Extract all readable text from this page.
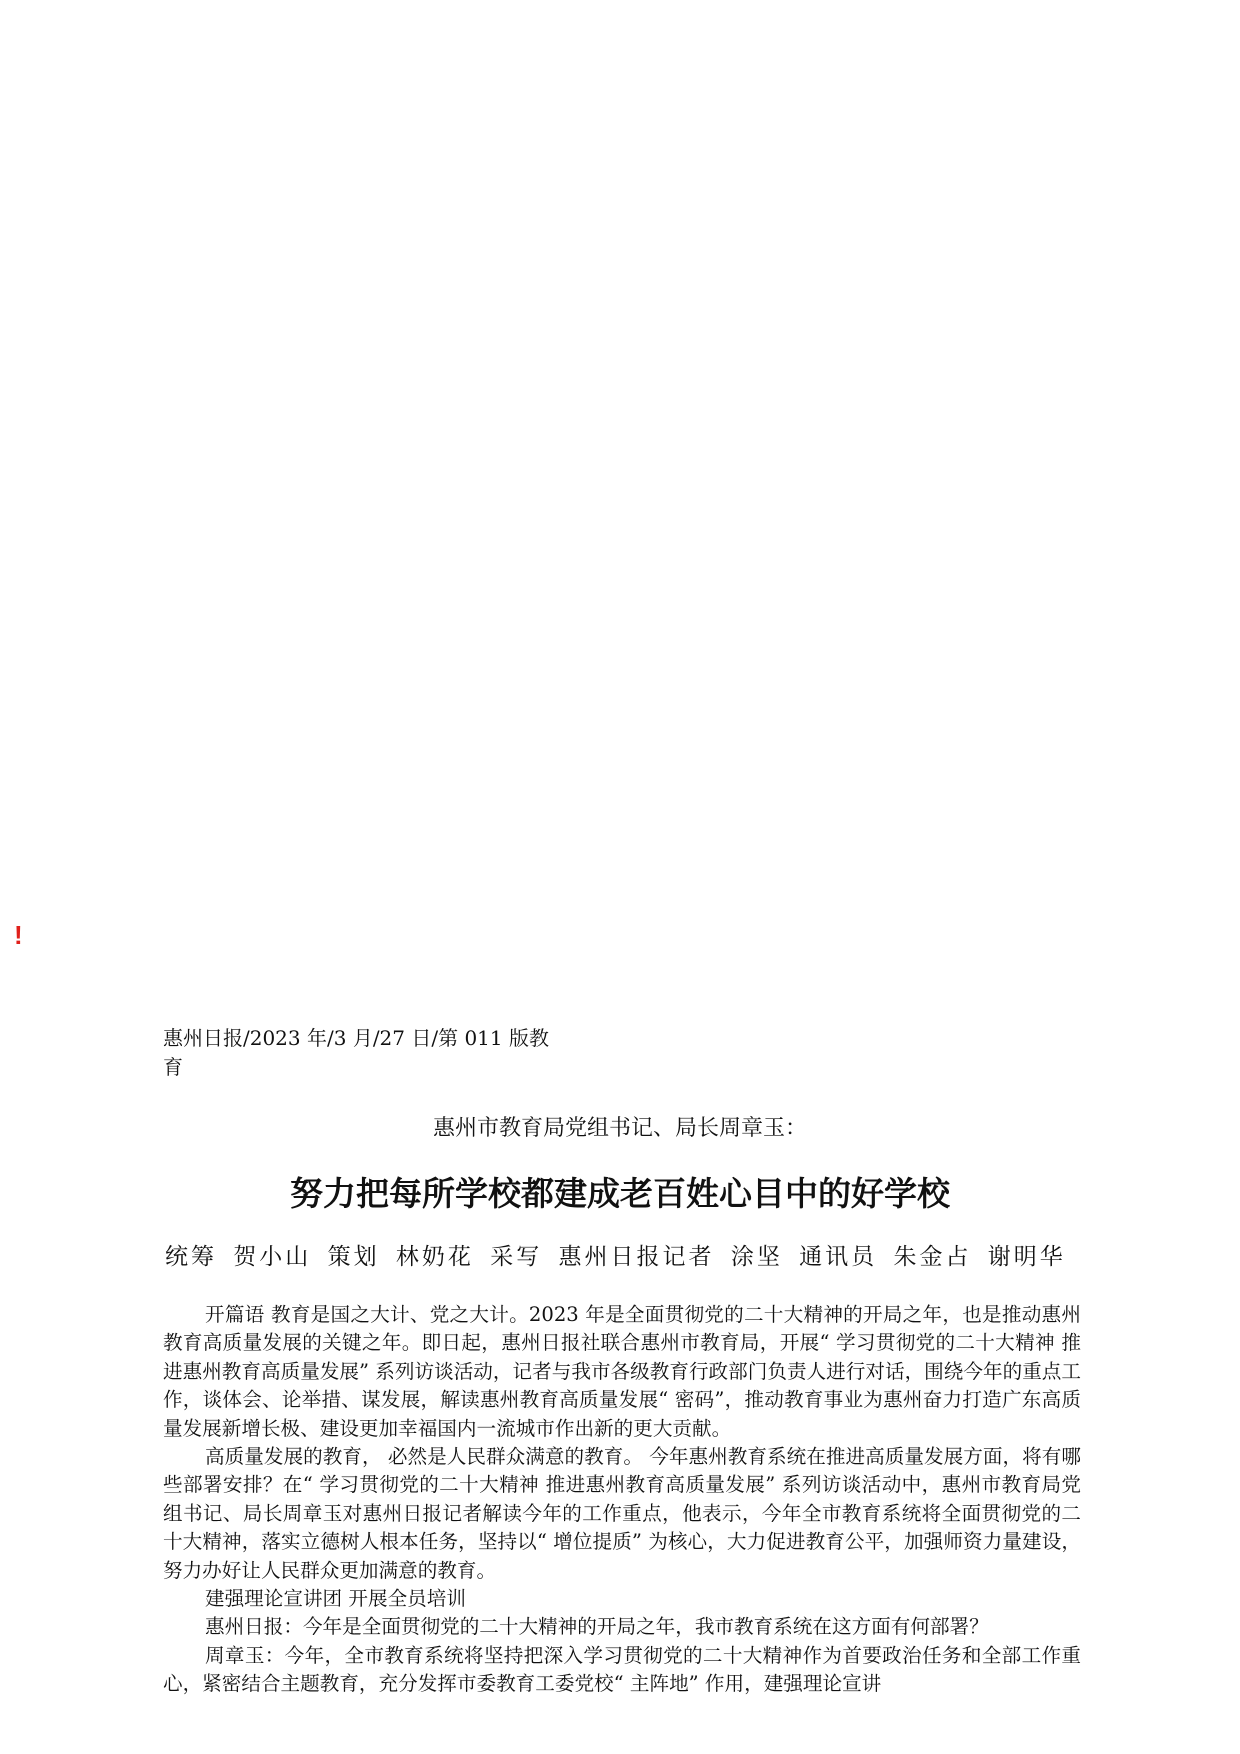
!
惠州日报/2023 年/3 月/27 日/第 011 版教育
惠州市教育局党组书记、局长周章玉：
努力把每所学校都建成老百姓心目中的好学校
统筹 贺小山 策划 林奶花 采写 惠州日报记者 涂坚 通讯员 朱金占 谢明华

开篇语 教育是国之大计、党之大计。2023 年是全面贯彻党的二十大精神的开局之年，也是推动惠州教育高质量发展的关键之年。即日起，惠州日报社联合惠州市教育局，开展“ 学习贯彻党的二十大精神 推进惠州教育高质量发展” 系列访谈活动，记者与我市各级教育行政部门负责人进行对话，围绕今年的重点工作，谈体会、论举措、谋发展，解读惠州教育高质量发展“ 密码”，推动教育事业为惠州奋力打造广东高质量发展新增长极、建设更加幸福国内一流城市作出新的更大贡献。

高质量发展的教育， 必然是人民群众满意的教育。 今年惠州教育系统在推进高质量发展方面，将有哪些部署安排？在“ 学习贯彻党的二十大精神 推进惠州教育高质量发展” 系列访谈活动中，惠州市教育局党组书记、局长周章玉对惠州日报记者解读今年的工作重点，他表示，今年全市教育系统将全面贯彻党的二十大精神，落实立德树人根本任务，坚持以“ 增位提质” 为核心，大力促进教育公平，加强师资力量建设，努力办好让人民群众更加满意的教育。

建强理论宣讲团 开展全员培训

惠州日报：今年是全面贯彻党的二十大精神的开局之年，我市教育系统在这方面有何部署？

周章玉：今年，全市教育系统将坚持把深入学习贯彻党的二十大精神作为首要政治任务和全部工作重心，紧密结合主题教育，充分发挥市委教育工委党校“ 主阵地” 作用，建强理论宣讲
